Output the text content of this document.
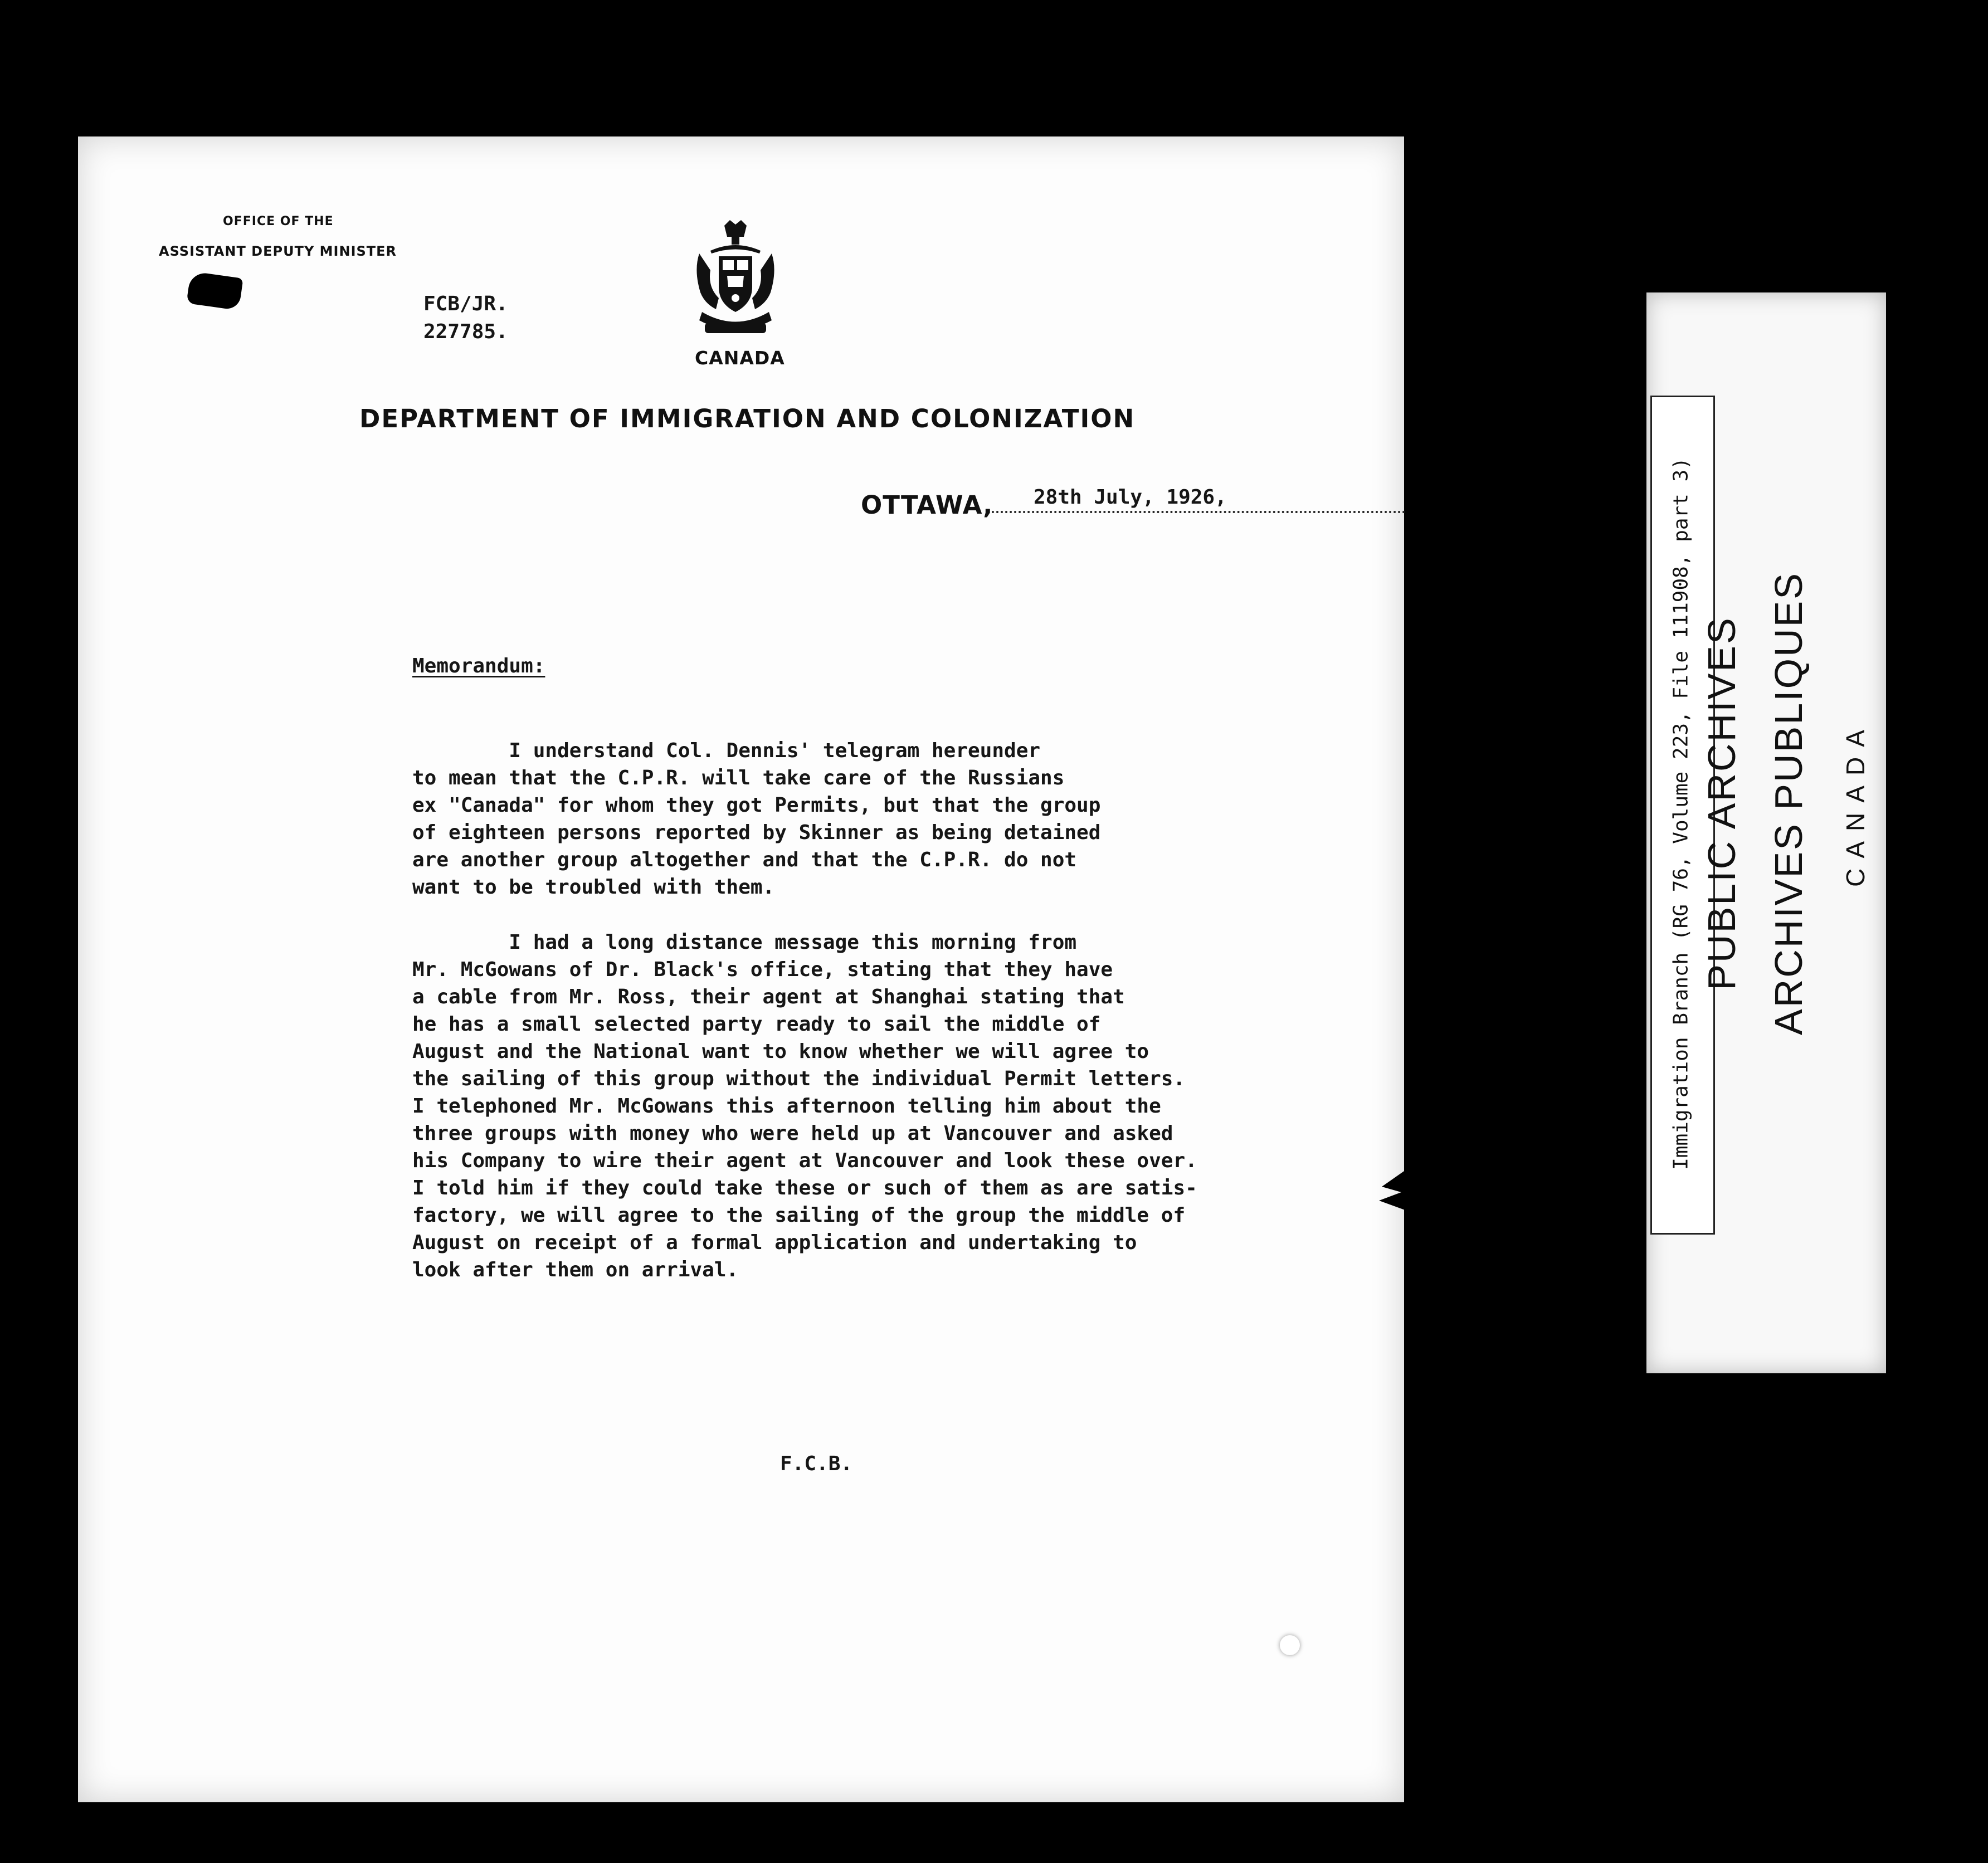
OFFICE OF THE
ASSISTANT DEPUTY MINISTER
FCB/JR.
227785.
CANADA
DEPARTMENT OF IMMIGRATION AND COLONIZATION
OTTAWA, 28th July, 1926,
Memorandum:
I understand Col. Dennis' telegram hereunder
to mean that the C.P.R. will take care of the Russians
ex "Canada" for whom they got Permits, but that the group
of eighteen persons reported by Skinner as being detained
are another group altogether and that the C.P.R. do not
want to be troubled with them.
I had a long distance message this morning from
Mr. McGowans of Dr. Black's office, stating that they have
a cable from Mr. Ross, their agent at Shanghai stating that
he has a small selected party ready to sail the middle of
August and the National want to know whether we will agree to
the sailing of this group without the individual Permit letters.
I telephoned Mr. McGowans this afternoon telling him about the
three groups with money who were held up at Vancouver and asked
his Company to wire their agent at Vancouver and look these over.
I told him if they could take these or such of them as are satis-
factory, we will agree to the sailing of the group the middle of
August on receipt of a formal application and undertaking to
look after them on arrival.
F.C.B.
Immigration Branch (RG 76, Volume 223, File 111908, part 3) PUBLIC ARCHIVES ARCHIVES PUBLIQUES CANADA
